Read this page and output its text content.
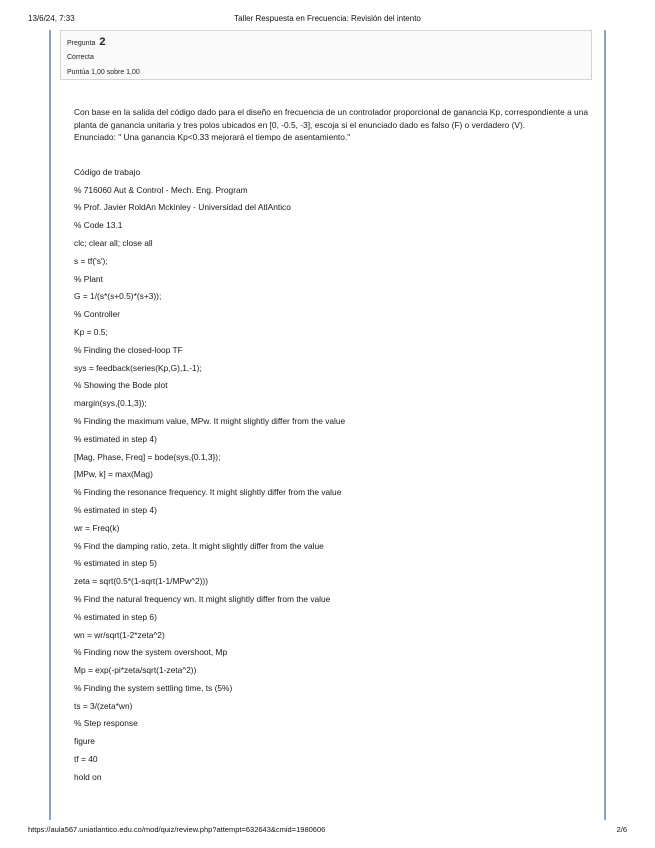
13/6/24, 7:33	Taller Respuesta en Frecuencia: Revisión del intento
Pregunta 2
Correcta
Puntúa 1,00 sobre 1,00
Con base en la salida del código dado para el diseño en frecuencia de un controlador proporcional de ganancia Kp, correspondiente a una planta de ganancia unitaria y tres polos ubicados en [0, -0.5, -3], escoja si el enunciado dado es falso (F) o verdadero (V).
Enunciado: " Una ganancia Kp<0.33 mejorará el tiempo de asentamiento."
Código de trabajo
% 716060 Aut & Control - Mech. Eng. Program
% Prof. Javier RoldAn Mckinley - Universidad del AtlAntico
% Code 13.1
clc; clear all; close all
s = tf('s');
% Plant
G = 1/(s*(s+0.5)*(s+3));
% Controller
Kp = 0.5;
% Finding the closed-loop TF
sys = feedback(series(Kp,G),1,-1);
% Showing the Bode plot
margin(sys,{0.1,3});
% Finding the maximum value, MPw. It might slightly differ from the value
% estimated in step 4)
[Mag, Phase, Freq] = bode(sys,{0.1,3});
[MPw, k] = max(Mag)
% Finding the resonance frequency. It might slightly differ from the value
% estimated in step 4)
wr = Freq(k)
% Find the damping ratio, zeta. It might slightly differ from the value
% estimated in step 5)
zeta = sqrt(0.5*(1-sqrt(1-1/MPw^2)))
% Find the natural frequency wn. It might slightly differ from the value
% estimated in step 6)
wn = wr/sqrt(1-2*zeta^2)
% Finding now the system overshoot, Mp
Mp = exp(-pi*zeta/sqrt(1-zeta^2))
% Finding the system settling time, ts (5%)
ts = 3/(zeta*wn)
% Step response
figure
tf = 40
hold on
https://aula567.uniatlantico.edu.co/mod/quiz/review.php?attempt=632643&cmid=1980606	2/6
